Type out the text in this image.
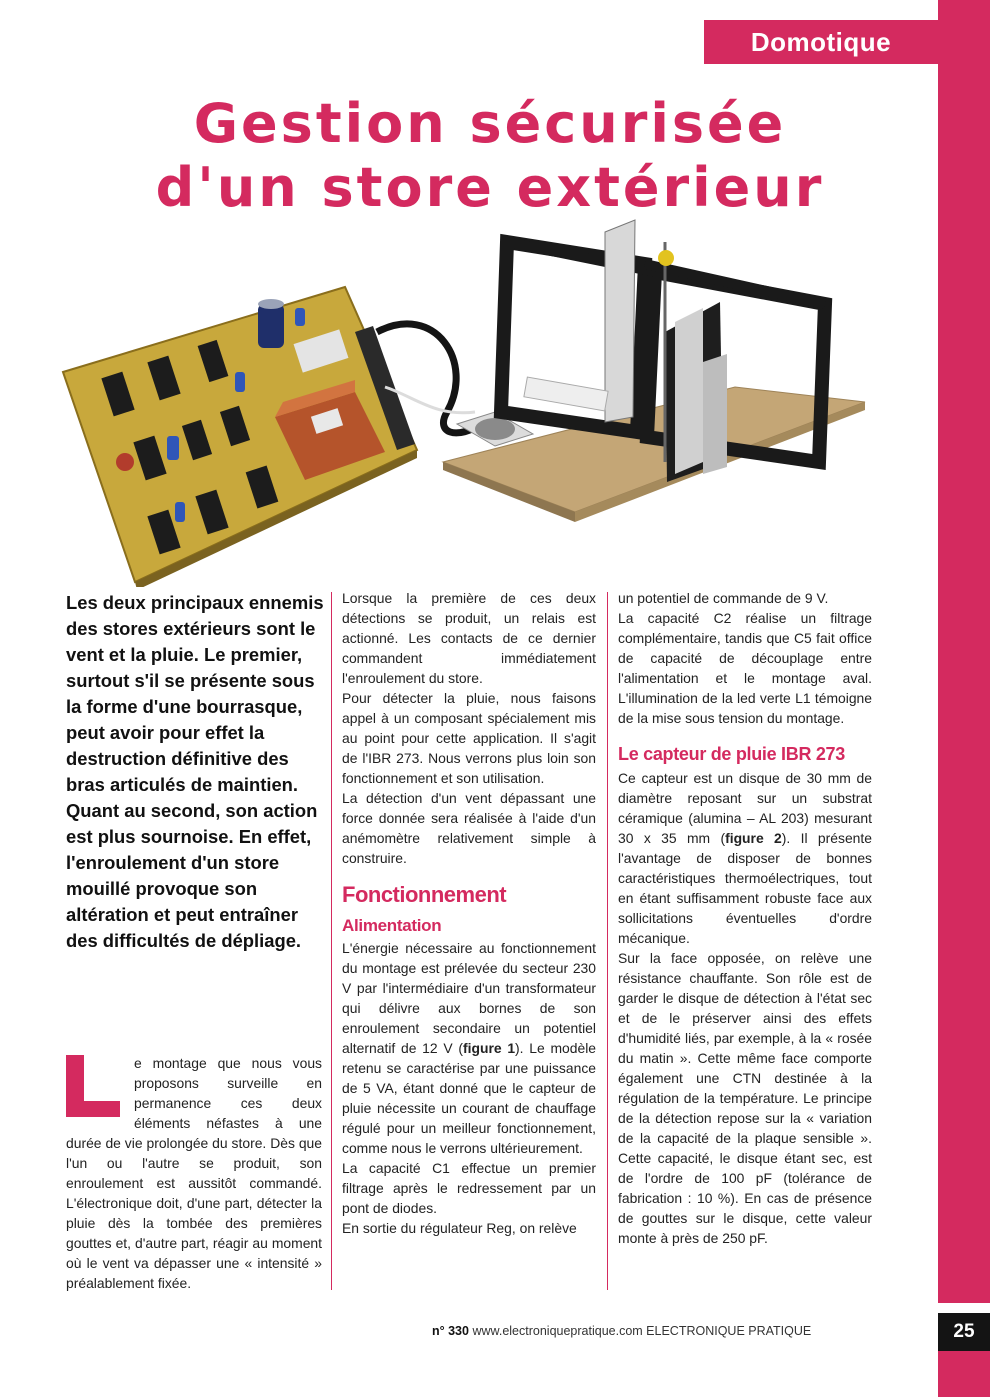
25
Domotique
Gestion sécurisée
d'un store extérieur

Les deux principaux ennemis des stores extérieurs sont le vent et la pluie. Le premier, surtout s'il se présente sous la forme d'une bourrasque, peut avoir pour effet la destruction définitive des bras articulés de maintien. Quant au second, son action est plus sournoise. En effet, l'enroulement d'un store mouillé provoque son altération et peut entraîner des difficultés de dépliage.

e montage que nous vous proposons surveille en permanence ces deux éléments néfastes à une durée de vie prolongée du store. Dès que l'un ou l'autre se produit, son enroulement est aussitôt commandé. L'électronique doit, d'une part, détecter la pluie dès la tombée des premières gouttes et, d'autre part, réagir au moment où le vent va dépasser une « intensité » préalablement fixée.

Lorsque la première de ces deux détections se produit, un relais est actionné. Les contacts de ce dernier commandent immédiatement l'enroulement du store.

Pour détecter la pluie, nous faisons appel à un composant spécialement mis au point pour cette application. Il s'agit de l'IBR 273. Nous verrons plus loin son fonctionnement et son utilisation.

La détection d'un vent dépassant une force donnée sera réalisée à l'aide d'un anémomètre relativement simple à construire.

Fonctionnement
Alimentation

L'énergie nécessaire au fonctionnement du montage est prélevée du secteur 230 V par l'intermédiaire d'un transformateur qui délivre aux bornes de son enroulement secondaire un potentiel alternatif de 12 V (figure 1). Le modèle retenu se caractérise par une puissance de 5 VA, étant donné que le capteur de pluie nécessite un courant de chauffage régulé pour un meilleur fonctionnement, comme nous le verrons ultérieurement.

La capacité C1 effectue un premier filtrage après le redressement par un pont de diodes.

En sortie du régulateur Reg, on relève

un potentiel de commande de 9 V.

La capacité C2 réalise un filtrage complémentaire, tandis que C5 fait office de capacité de découplage entre l'alimentation et le montage aval. L'illumination de la led verte L1 témoigne de la mise sous tension du montage.

Le capteur de pluie IBR 273

Ce capteur est un disque de 30 mm de diamètre reposant sur un substrat céramique (alumina – AL 203) mesurant 30 x 35 mm (figure 2). Il présente l'avantage de disposer de bonnes caractéristiques thermoélectriques, tout en étant suffisamment robuste face aux sollicitations éventuelles d'ordre mécanique.

Sur la face opposée, on relève une résistance chauffante. Son rôle est de garder le disque de détection à l'état sec et de le préserver ainsi des effets d'humidité liés, par exemple, à la « rosée du matin ». Cette même face comporte également une CTN destinée à la régulation de la température. Le principe de la détection repose sur la « variation de la capacité de la plaque sensible ». Cette capacité, le disque étant sec, est de l'ordre de 100 pF (tolérance de fabrication : 10 %). En cas de présence de gouttes sur le disque, cette valeur monte à près de 250 pF.

n° 330 www.electroniquepratique.com ELECTRONIQUE PRATIQUE
